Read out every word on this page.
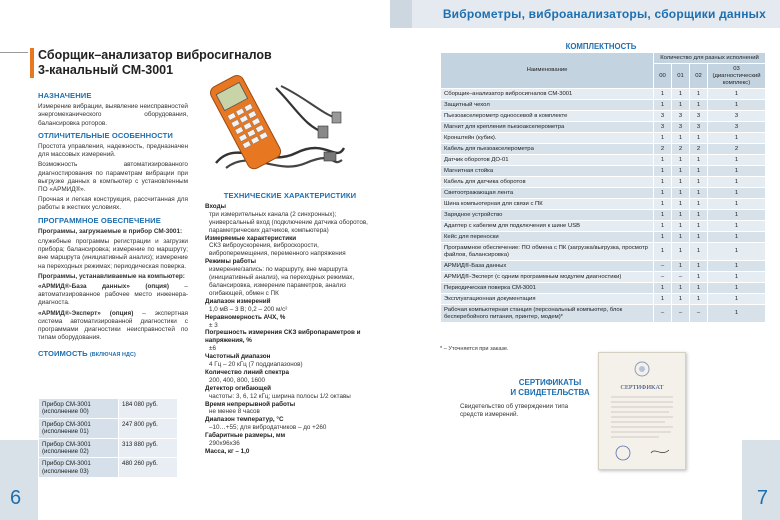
Сборщик–анализатор вибросигналов
3-канальный СМ-3001
НАЗНАЧЕНИЕ

Измерение вибрации, выявление неисправностей энергомеханического оборудования, балансировка роторов.

ОТЛИЧИТЕЛЬНЫЕ ОСОБЕННОСТИ

Простота управления, надежность, предназначен для массовых измерений.

Возможность автоматизированного диагностирования по параметрам вибрации при выгрузке данных в компьютер с установленным ПО «АРМИД®».

Прочная и легкая конструкция, рассчитанная для работы в жестких условиях.

ПРОГРАММНОЕ ОБЕСПЕЧЕНИЕ

Программы, загружаемые в прибор СМ-3001:

служебные программы регистрации и загрузки прибора; балансировка; измерение по маршруту; вне маршрута (инициативный анализ); измерение на переходных режимах; периодическая поверка.

Программы, устанавливаемые на компьютер:

«АРМИД®-База данных» (опция) – автоматизированное рабочее место инженера-диагноста.

«АРМИД®-Эксперт» (опция) – экспертная система автоматизированной диагностики с программами диагностики неисправностей по типам оборудования.

СТОИМОСТЬ (ВКЛЮЧАЯ НДС)
Прибор СМ-3001 (исполнение 00)	184 080 руб.
Прибор СМ-3001 (исполнение 01)	247 800 руб.
Прибор СМ-3001 (исполнение 02)	313 880 руб.
Прибор СМ-3001 (исполнение 03)	480 260 руб.
ТЕХНИЧЕСКИЕ ХАРАКТЕРИСТИКИ
Входы
три измерительных канала (2 синхронных); универсальный вход (подключение датчика оборотов, параметрических датчиков, компьютера)
Измеряемые характеристики
СКЗ виброускорения, виброскорости, виброперемещения, переменного напряжения
Режимы работы
измерение/запись: по маршруту, вне маршрута (инициативный анализ), на переходных режимах, балансировка, измерение параметров, анализ огибающей, обмен с ПК
Диапазон измерений
1,0 мВ – 3 В; 0,2 – 200 м/с²
Неравномерность АЧХ, %
± 3
Погрешность измерения СКЗ вибропараметров и напряжения, %
±6
Частотный диапазон
4 Гц – 20 кГц (7 поддиапазонов)
Количество линий спектра
200, 400, 800, 1600
Детектор огибающей
частоты: 3, 6, 12 кГц; ширина полосы 1/2 октавы
Время непрерывной работы
не менее 8 часов
Диапазон температур, °С
–10…+55; для вибродатчиков – до +260
Габаритные размеры, мм
290х96х36
Масса, кг – 1,0
6
Виброметры, виброанализаторы, сборщики данных
КОМПЛЕКТНОСТЬ
Наименование	Количество для разных исполнений			
	00	01	02	03 (диагностический комплекс)
Сборщик–анализатор вибросигналов СМ-3001	1	1	1	1
Защитный чехол	1	1	1	1
Пьезоакселерометр одноосевой в комплекте	3	3	3	3
Магнит для крепления пьезоакселерометра	3	3	3	3
Кронштейн (кубик).	1	1	1	1
Кабель для пьезоакселерометра	2	2	2	2
Датчик оборотов ДО-01	1	1	1	1
Магнитная стойка	1	1	1	1
Кабель для датчика оборотов	1	1	1	1
Светоотражающая лента	1	1	1	1
Шина компьютерная для связи с ПК	1	1	1	1
Зарядное устройство	1	1	1	1
Адаптер с кабелем для подключения к шине USB	1	1	1	1
Кейс для переноски	1	1	1	1
Программное обеспечение: ПО обмена с ПК (загрузка/выгрузка, просмотр файлов, балансировка)	1	1	1	1
АРМИД®-База данных	–	1	1	1
АРМИД®-Эксперт (с одним программным модулем диагностики)	–	–	1	1
Периодическая поверка СМ-3001	1	1	1	1
Эксплуатационная документация	1	1	1	1
Рабочая компьютерная станция (персональный компьютер, блок бесперебойного питания, принтер, модем)*	–	–	–	1
* – Уточняется при заказе.
СЕРТИФИКАТЫ
И СВИДЕТЕЛЬСТВА
Свидетельство об утверждении типа средств измерений.
СЕРТИФИКАТ
7
